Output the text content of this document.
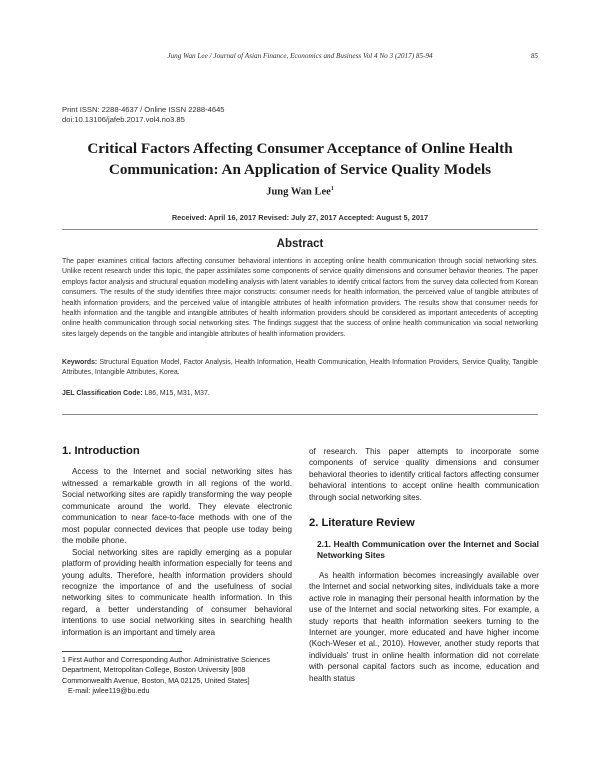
Jung Wan Lee / Journal of Asian Finance, Economics and Business Vol 4 No 3 (2017) 85-94	85
Print ISSN: 2288-4637 / Online ISSN 2288-4645
doi:10.13106/jafeb.2017.vol4.no3.85
Critical Factors Affecting Consumer Acceptance of Online Health
Communication: An Application of Service Quality Models
Jung Wan Lee$^1$
Received: April 16, 2017 Revised: July 27, 2017 Accepted: August 5, 2017
Abstract
The paper examines critical factors affecting consumer behavioral intentions in accepting online health communication through social networking sites. Unlike recent research under this topic, the paper assimilates some components of service quality dimensions and consumer behavior theories. The paper employs factor analysis and structural equation modelling analysis with latent variables to identify critical factors from the survey data collected from Korean consumers. The results of the study identifies three major constructs: consumer needs for health information, the perceived value of tangible attributes of health information providers, and the perceived value of intangible attributes of health information providers. The results show that consumer needs for health information and the tangible and intangible attributes of health information providers should be considered as important antecedents of accepting online health communication through social networking sites. The findings suggest that the success of online health communication via social networking sites largely depends on the tangible and intangible attributes of health information providers.
Keywords: Structural Equation Model, Factor Analysis, Health Information, Health Communication, Health Information Providers, Service Quality, Tangible Attributes, Intangible Attributes, Korea.
JEL Classification Code: L86, M15, M31, M37.
1. Introduction

Access to the Internet and social networking sites has witnessed a remarkable growth in all regions of the world. Social networking sites are rapidly transforming the way people communicate around the world. They elevate electronic communication to near face-to-face methods with one of the most popular connected devices that people use today being the mobile phone.

Social networking sites are rapidly emerging as a popular platform of providing health information especially for teens and young adults. Therefore, health information providers should recognize the importance of and the usefulness of social networking sites to communicate health information. In this regard, a better understanding of consumer behavioral intentions to use social networking sites in searching health information is an important and timely area

of research. This paper attempts to incorporate some components of service quality dimensions and consumer behavioral theories to identify critical factors affecting consumer behavioral intentions to accept online health communication through social networking sites.

2. Literature Review
2.1. Health Communication over the Internet and Social Networking Sites

As health information becomes increasingly available over the Internet and social networking sites, individuals take a more active role in managing their personal health information by the use of the Internet and social networking sites. For example, a study reports that health information seekers turning to the Internet are younger, more educated and have higher income (Koch-Weser et al., 2010). However, another study reports that individuals' trust in online health information did not correlate with personal capital factors such as income, education and health status

1 First Author and Corresponding Author. Administrative Sciences Department, Metropolitan College, Boston University [808 Commonwealth Avenue, Boston, MA 02125, United States]
E-mail: jwlee119@bu.edu
